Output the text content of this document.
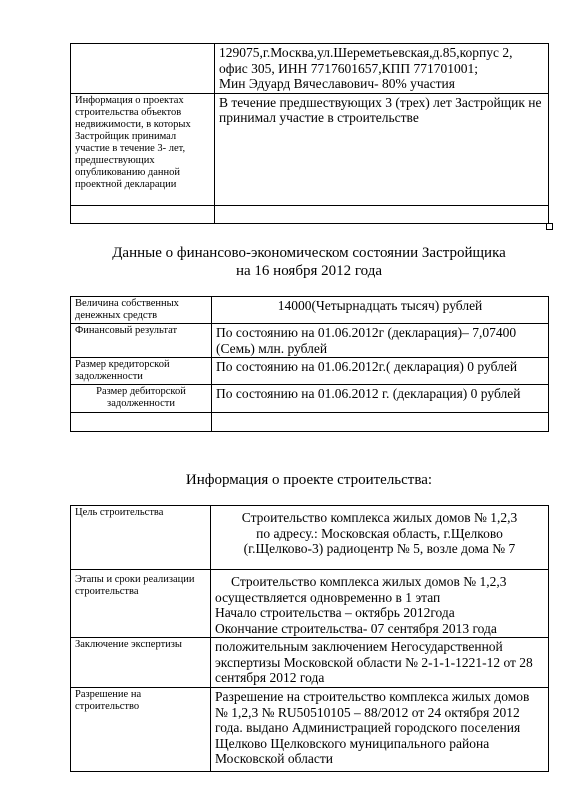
	129075,г.Москва,ул.Шереметьевская,д.85,корпус 2,
офис 305, ИНН 7717601657,КПП 771701001;
Мин Эдуард Вячеславович- 80% участия

Информация о проектах строительства объектов недвижимости, в которых Застройщик принимал участие в течение 3- лет, предшествующих опубликованию данной проектной декларации	В течение предшествующих 3 (трех) лет Застройщик не принимал участие в строительстве

Данные о финансово-экономическом состоянии Застройщика
на 16 ноября 2012 года
Величина собственных денежных средств	14000(Четырнадцать тысяч) рублей
Финансовый результат	По состоянию на 01.06.2012г (декларация)– 7,07400 (Семь) млн. рублей
Размер кредиторской задолженности	По состоянию на 01.06.2012г.( декларация) 0 рублей
Размер дебиторской задолженности	По состоянию на 01.06.2012 г. (декларация) 0 рублей

Информация о проекте строительства:
Цель строительства	Строительство комплекса жилых домов № 1,2,3
по адресу.: Московская область, г.Щелково
(г.Щелково-3) радиоцентр № 5, возле дома № 7

Этапы и сроки реализации строительства	Строительство комплекса жилых домов № 1,2,3
осуществляется одновременно в 1 этап
Начало строительства – октябрь 2012года
Окончание строительства- 07 сентября 2013 года

Заключение экспертизы	положительным заключением Негосударственной экспертизы Московской области № 2-1-1-1221-12 от 28 сентября 2012 года
Разрешение на строительство	Разрешение на строительство комплекса жилых домов № 1,2,3 № RU50510105 – 88/2012 от 24 октября 2012 года. выдано Администрацией городского поселения Щелково Щелковского муниципального района Московской области
